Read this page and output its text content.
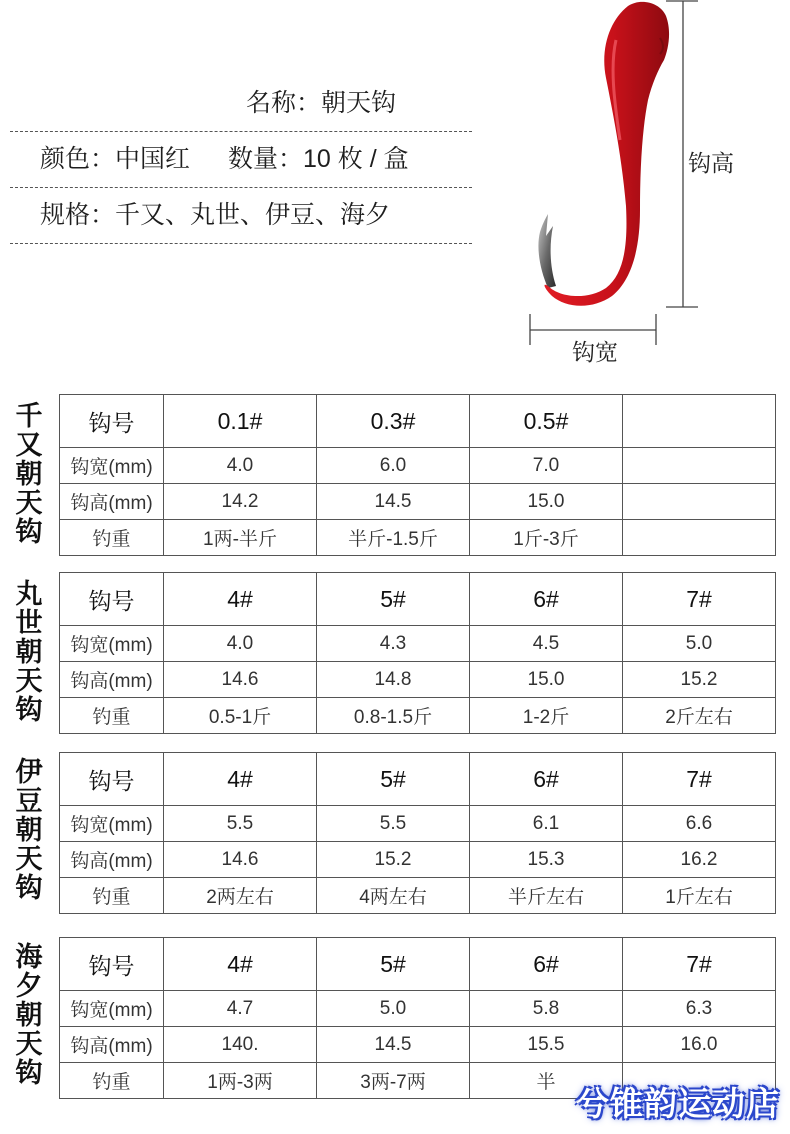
名称：朝天钩
颜色：中国红 数量：10 枚 / 盒
规格：千又、丸世、伊豆、海夕
钩高
钩宽
千又朝天钩
钩号	0.1#	0.3#	0.5#	
钩宽(mm)	4.0	6.0	7.0	
钩高(mm)	14.2	14.5	15.0	
钓重	1两-半斤	半斤-1.5斤	1斤-3斤	
丸世朝天钩
钩号	4#	5#	6#	7#
钩宽(mm)	4.0	4.3	4.5	5.0
钩高(mm)	14.6	14.8	15.0	15.2
钓重	0.5-1斤	0.8-1.5斤	1-2斤	2斤左右
伊豆朝天钩
钩号	4#	5#	6#	7#
钩宽(mm)	5.5	5.5	6.1	6.6
钩高(mm)	14.6	15.2	15.3	16.2
钓重	2两左右	4两左右	半斤左右	1斤左右
海夕朝天钩
钩号	4#	5#	6#	7#
钩宽(mm)	4.7	5.0	5.8	6.3
钩高(mm)	140.	14.5	15.5	16.0
钓重	1两-3两	3两-7两	半	
兮锥韵运动店
